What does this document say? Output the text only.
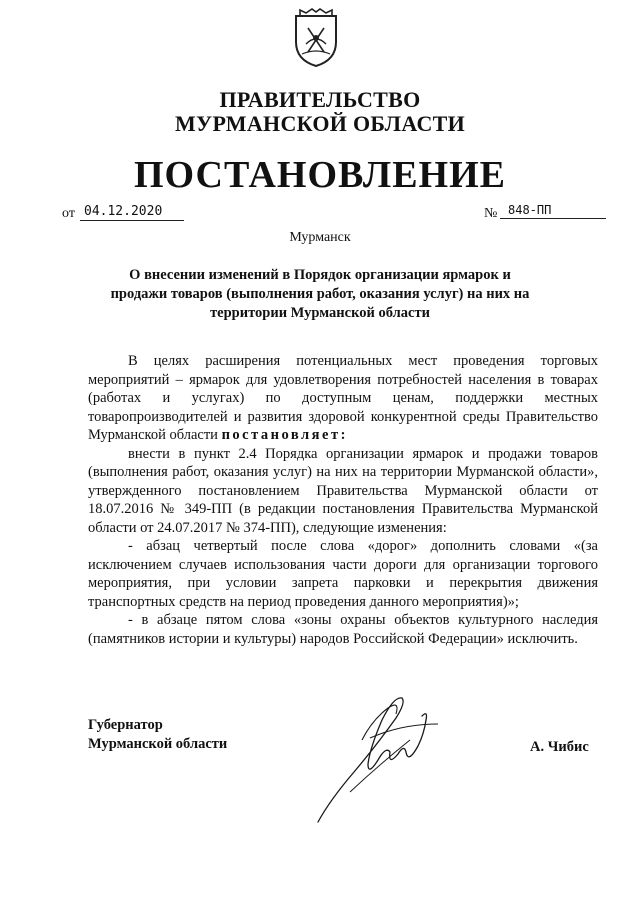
ПРАВИТЕЛЬСТВО
МУРМАНСКОЙ ОБЛАСТИ
ПОСТАНОВЛЕНИЕ
от 04.12.2020	№ 848-ПП
Мурманск
О внесении изменений в Порядок организации ярмарок и продажи товаров (выполнения работ, оказания услуг) на них на территории Мурманской области

В целях расширения потенциальных мест проведения торговых мероприятий – ярмарок для удовлетворения потребностей населения в товарах (работах и услугах) по доступным ценам, поддержки местных товаропроизводителей и развития здоровой конкурентной среды Правительство Мурманской области постановляет:

внести в пункт 2.4 Порядка организации ярмарок и продажи товаров (выполнения работ, оказания услуг) на них на территории Мурманской области», утвержденного постановлением Правительства Мурманской области от 18.07.2016 № 349-ПП (в редакции постановления Правительства Мурманской области от 24.07.2017 № 374-ПП), следующие изменения:

- абзац четвертый после слова «дорог» дополнить словами «(за исключением случаев использования части дороги для организации торгового мероприятия, при условии запрета парковки и перекрытия движения транспортных средств на период проведения данного мероприятия)»;

- в абзаце пятом слова «зоны охраны объектов культурного наследия (памятников истории и культуры) народов Российской Федерации» исключить.

Губернатор
Мурманской области	А. Чибис
